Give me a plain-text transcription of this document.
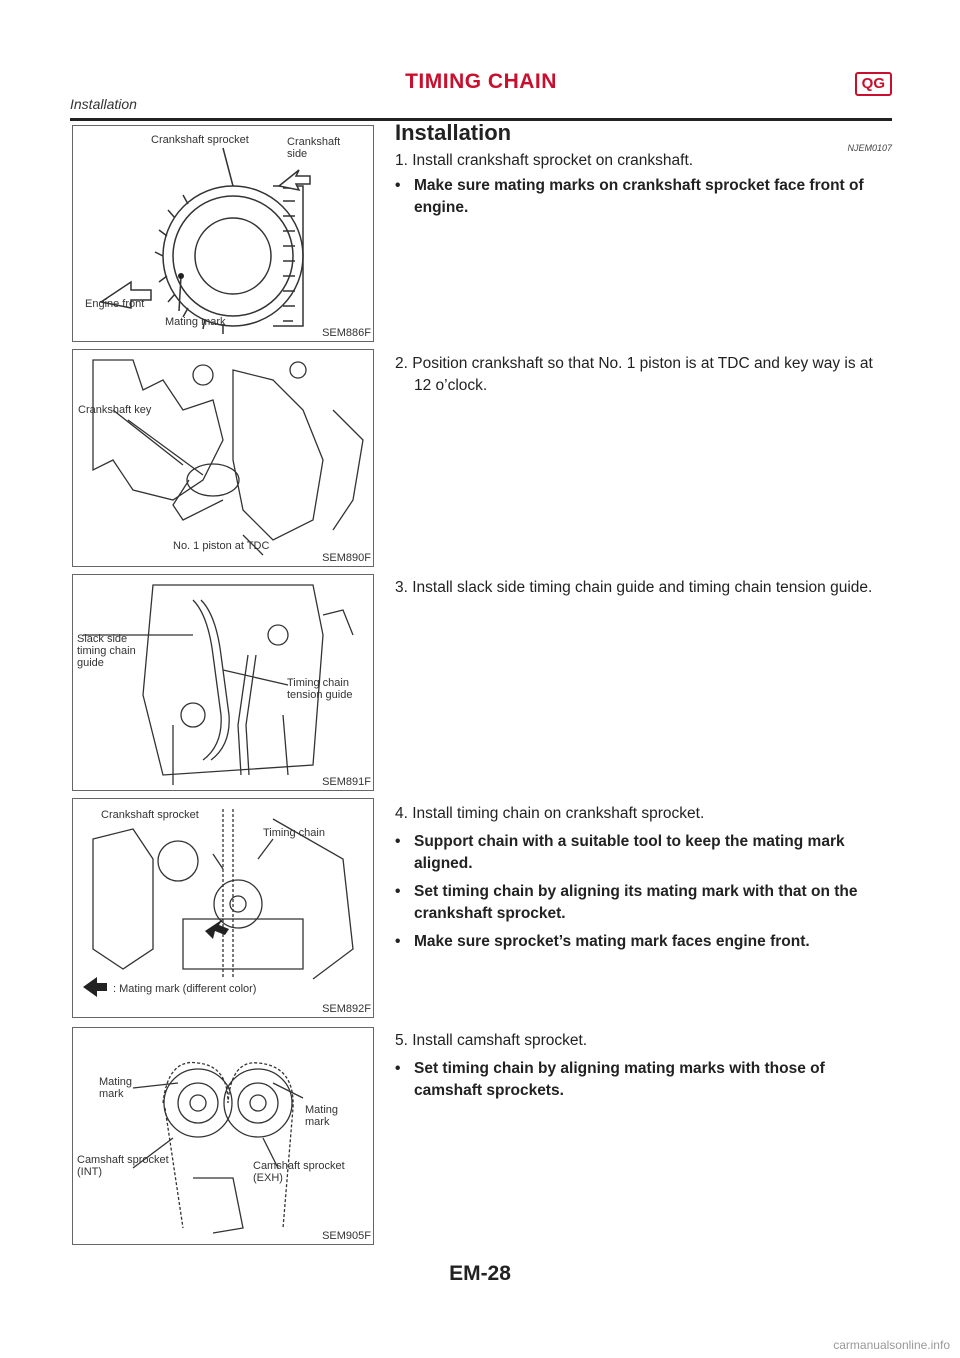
TIMING CHAIN	QG
Installation
Installation
NJEM0107
Crankshaft sprocket	Crankshaft
side
Engine front
Mating mark
SEM886F
Crankshaft key
No. 1 piston at TDC
SEM890F
Slack side
timing chain
guide
Timing chain
tension guide
SEM891F
Crankshaft sprocket
Timing chain
: Mating mark (different color)
SEM892F
Mating
mark
Mating
mark
Camshaft sprocket
(INT)	Camshaft sprocket
(EXH)
SEM905F

1. Install crankshaft sprocket on crankshaft.

• Make sure mating marks on crankshaft sprocket face front of engine.

2. Position crankshaft so that No. 1 piston is at TDC and key way is at 12 o’clock.

3. Install slack side timing chain guide and timing chain tension guide.

4. Install timing chain on crankshaft sprocket.

• Support chain with a suitable tool to keep the mating mark aligned.

• Set timing chain by aligning its mating mark with that on the crankshaft sprocket.

• Make sure sprocket’s mating mark faces engine front.

5. Install camshaft sprocket.

• Set timing chain by aligning mating marks with those of camshaft sprockets.

EM-28
carmanualsonline.info
